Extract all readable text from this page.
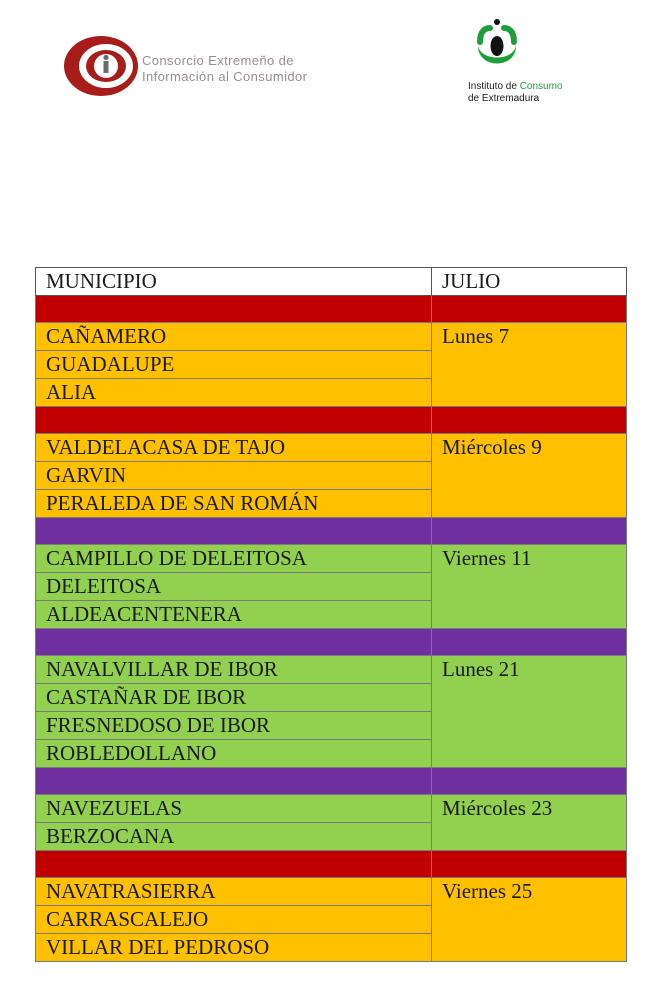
Consorcio Extremeño de
Información al Consumidor
Instituto de Consumo
de Extremadura
MUNICIPIO	JULIO

CAÑAMERO	Lunes 7
GUADALUPE	
ALIA	

VALDELACASA DE TAJO	Miércoles 9
GARVIN	
PERALEDA DE SAN ROMÁN	

CAMPILLO DE DELEITOSA	Viernes 11
DELEITOSA	
ALDEACENTENERA	

NAVALVILLAR DE IBOR	Lunes 21
CASTAÑAR DE IBOR	
FRESNEDOSO DE IBOR	
ROBLEDOLLANO	

NAVEZUELAS	Miércoles 23
BERZOCANA	

NAVATRASIERRA	Viernes 25
CARRASCALEJO	
VILLAR DEL PEDROSO	
